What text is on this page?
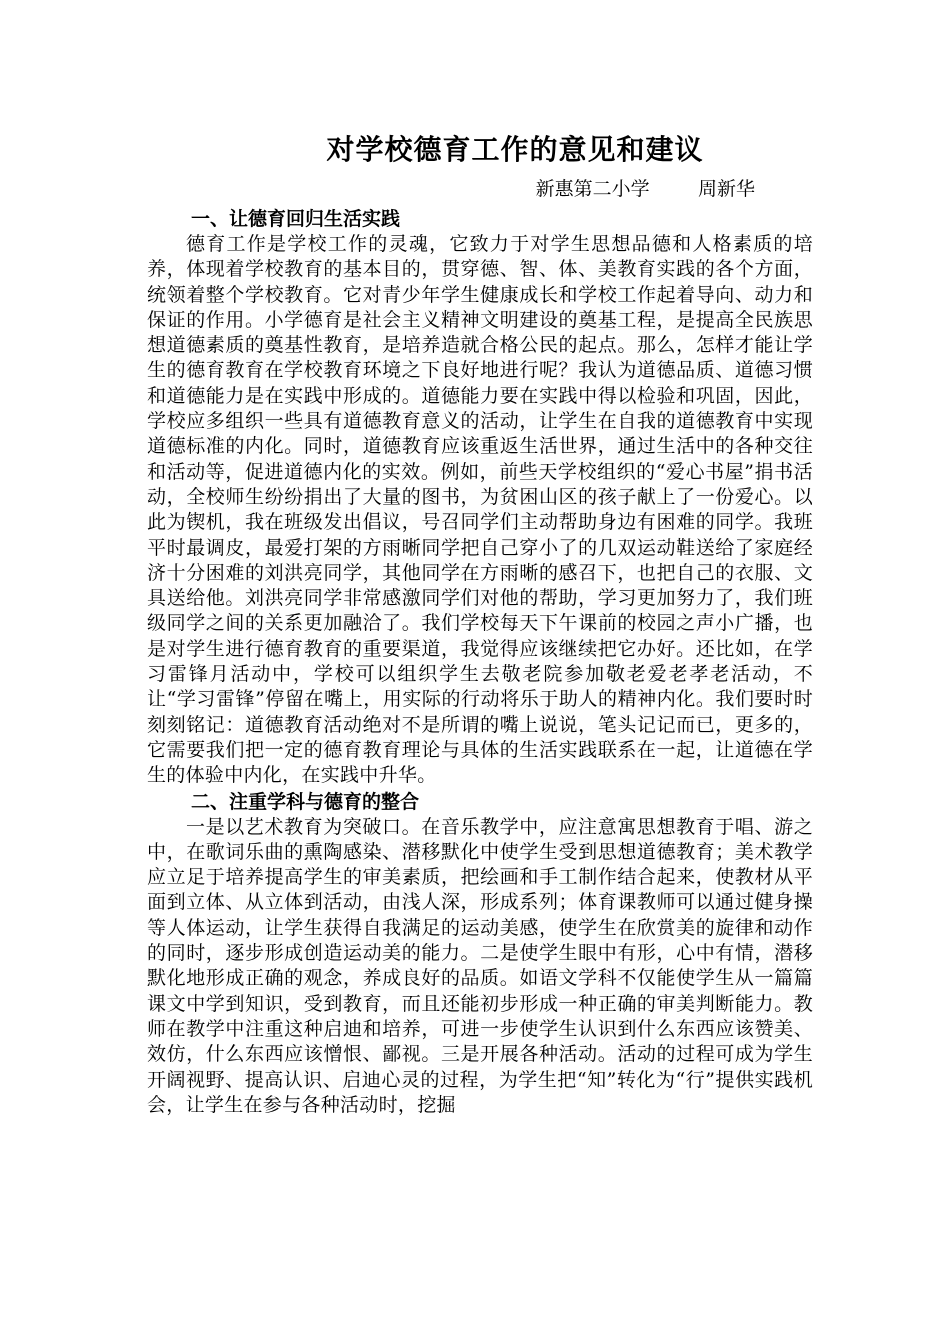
对学校德育工作的意见和建议

新惠第二小学        周新华

一、让德育回归生活实践

德育工作是学校工作的灵魂，它致力于对学生思想品德和人格素质的培养，体现着学校教育的基本目的，贯穿德、智、体、美教育实践的各个方面，统领着整个学校教育。它对青少年学生健康成长和学校工作起着导向、动力和保证的作用。小学德育是社会主义精神文明建设的奠基工程，是提高全民族思想道德素质的奠基性教育，是培养造就合格公民的起点。那么，怎样才能让学生的德育教育在学校教育环境之下良好地进行呢？我认为道德品质、道德习惯和道德能力是在实践中形成的。道德能力要在实践中得以检验和巩固，因此，学校应多组织一些具有道德教育意义的活动，让学生在自我的道德教育中实现道德标准的内化。同时，道德教育应该重返生活世界，通过生活中的各种交往和活动等，促进道德内化的实效。例如，前些天学校组织的“爱心书屋”捐书活动，全校师生纷纷捐出了大量的图书，为贫困山区的孩子献上了一份爱心。以此为锲机，我在班级发出倡议，号召同学们主动帮助身边有困难的同学。我班平时最调皮，最爱打架的方雨晰同学把自己穿小了的几双运动鞋送给了家庭经济十分困难的刘洪亮同学，其他同学在方雨晰的感召下，也把自己的衣服、文具送给他。刘洪亮同学非常感激同学们对他的帮助，学习更加努力了，我们班级同学之间的关系更加融洽了。我们学校每天下午课前的校园之声小广播，也是对学生进行德育教育的重要渠道，我觉得应该继续把它办好。还比如，在学习雷锋月活动中，学校可以组织学生去敬老院参加敬老爱老孝老活动，不让“学习雷锋”停留在嘴上，用实际的行动将乐于助人的精神内化。我们要时时刻刻铭记：道德教育活动绝对不是所谓的嘴上说说，笔头记记而已，更多的，它需要我们把一定的德育教育理论与具体的生活实践联系在一起，让道德在学生的体验中内化，在实践中升华。

二、注重学科与德育的整合

一是以艺术教育为突破口。在音乐教学中，应注意寓思想教育于唱、游之中，在歌词乐曲的熏陶感染、潜移默化中使学生受到思想道德教育；美术教学应立足于培养提高学生的审美素质，把绘画和手工制作结合起来，使教材从平面到立体、从立体到活动，由浅人深，形成系列；体育课教师可以通过健身操等人体运动，让学生获得自我满足的运动美感，使学生在欣赏美的旋律和动作的同时，逐步形成创造运动美的能力。二是使学生眼中有形，心中有情，潜移默化地形成正确的观念，养成良好的品质。如语文学科不仅能使学生从一篇篇课文中学到知识，受到教育，而且还能初步形成一种正确的审美判断能力。教师在教学中注重这种启迪和培养，可进一步使学生认识到什么东西应该赞美、效仿，什么东西应该憎恨、鄙视。三是开展各种活动。活动的过程可成为学生开阔视野、提高认识、启迪心灵的过程，为学生把“知”转化为“行”提供实践机会，让学生在参与各种活动时，挖掘
